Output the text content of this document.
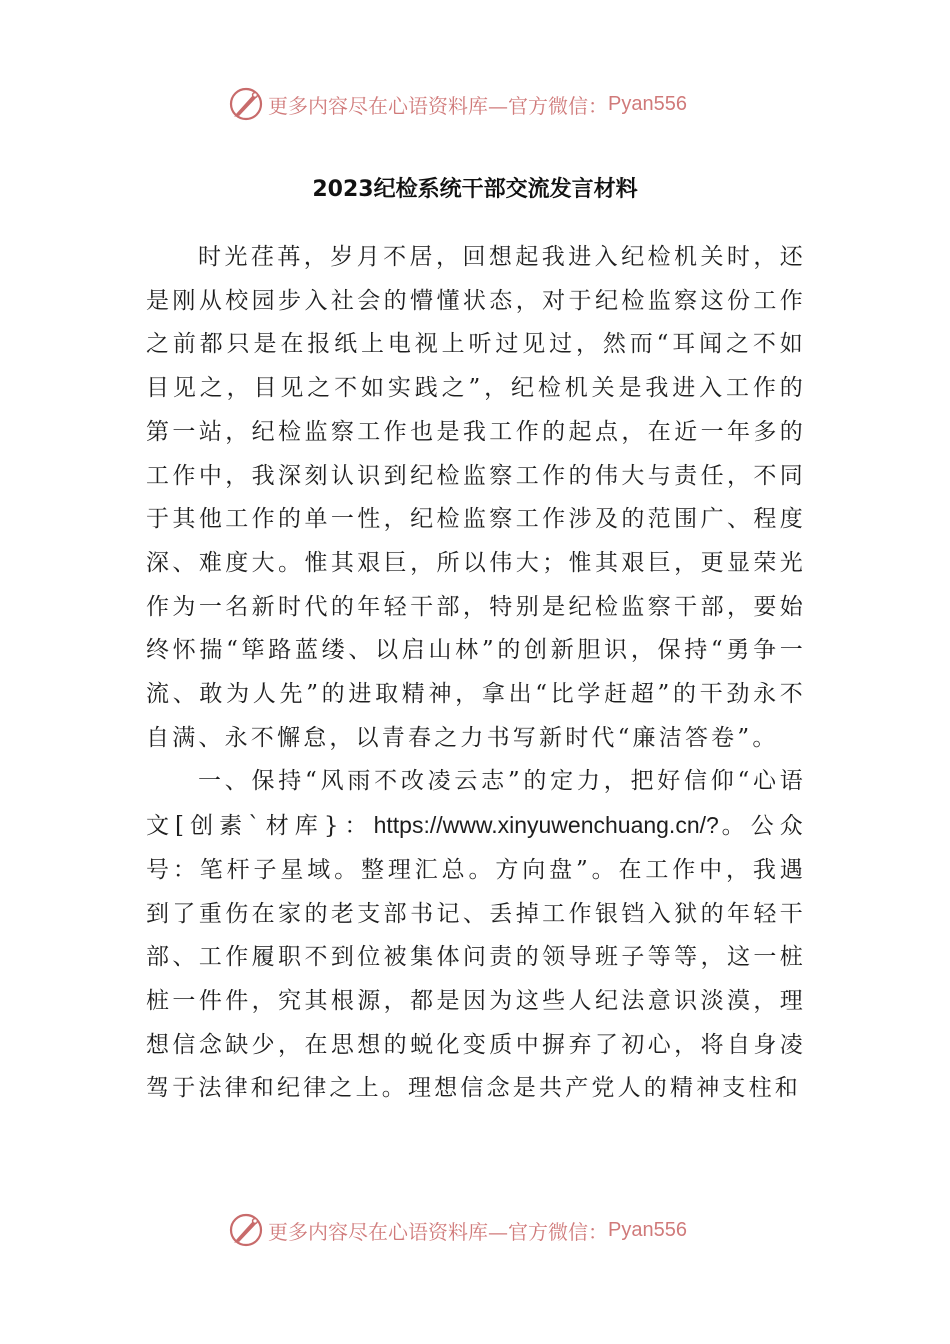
更多内容尽在心语资料库—官方微信： Pyan556
2023纪检系统干部交流发言材料

时光荏苒，岁月不居，回想起我进入纪检机关时，还是刚从校园步入社会的懵懂状态，对于纪检监察这份工作之前都只是在报纸上电视上听过见过，然而“耳闻之不如目见之，目见之不如实践之”，纪检机关是我进入工作的第一站，纪检监察工作也是我工作的起点，在近一年多的工作中，我深刻认识到纪检监察工作的伟大与责任，不同于其他工作的单一性，纪检监察工作涉及的范围广、程度深、难度大。惟其艰巨，所以伟大；惟其艰巨，更显荣光作为一名新时代的年轻干部，特别是纪检监察干部，要始终怀揣“筚路蓝缕、以启山林”的创新胆识，保持“勇争一流、敢为人先”的进取精神，拿出“比学赶超”的干劲永不自满、永不懈怠，以青春之力书写新时代“廉洁答卷”。

一、保持“风雨不改凌云志”的定力，把好信仰“心语文[创素`材库}：https://www.xinyuwenchuang.cn/?。公众号：笔杆子星域。整理汇总。方向盘”。在工作中，我遇到了重伤在家的老支部书记、丢掉工作银铛入狱的年轻干部、工作履职不到位被集体问责的领导班子等等，这一桩桩一件件，究其根源，都是因为这些人纪法意识淡漠，理想信念缺少，在思想的蜕化变质中摒弃了初心，将自身凌驾于法律和纪律之上。理想信念是共产党人的精神支柱和

更多内容尽在心语资料库—官方微信： Pyan556
